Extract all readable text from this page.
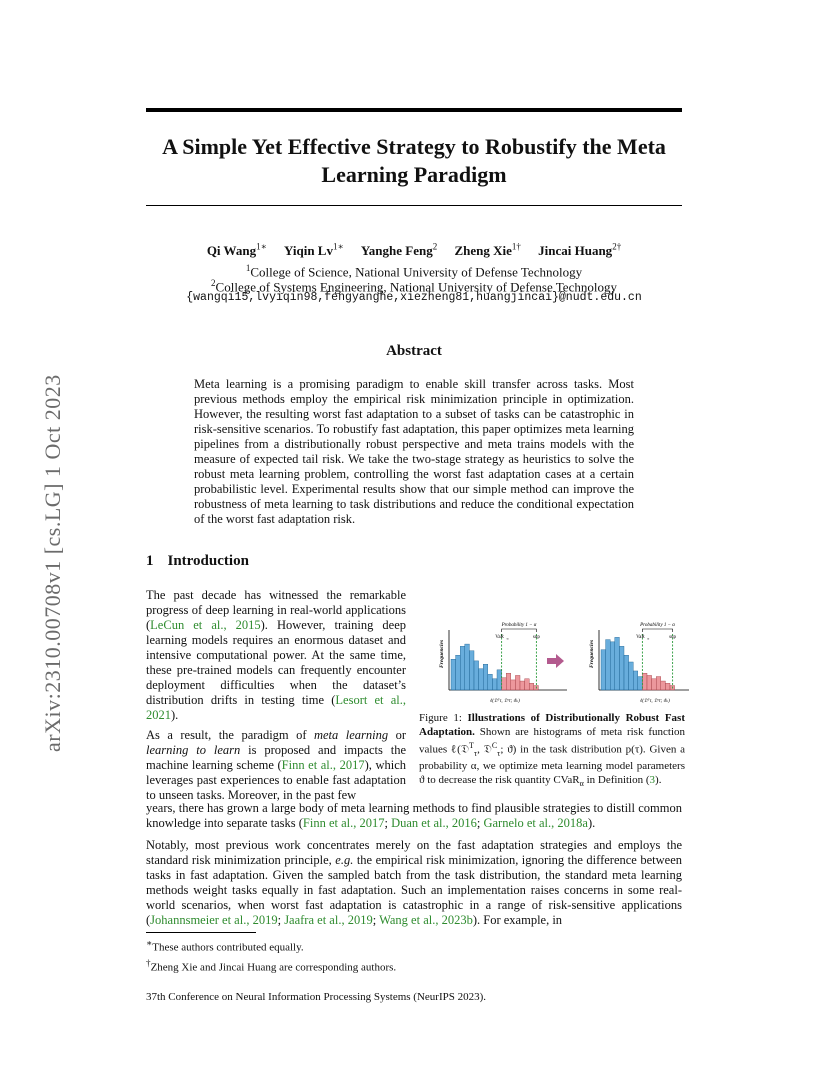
arXiv:2310.00708v1 [cs.LG] 1 Oct 2023
A Simple Yet Effective Strategy to Robustify the Meta
Learning Paradigm
Qi Wang$^{1∗}$ Yiqin $Lv^{1∗}$ Yanghe Feng$^2$ Zheng Xie$^{1\dagger}$ Jincai Huang$^{2\dagger}$
$^1$College of Science, National University of Defense Technology
$^2$College of Systems Engineering, National University of Defense Technology
{wangqi15,lvyiqin98,fengyanghe,xiezheng81,huangjincai}@nudt.edu.cn
Abstract
Meta learning is a promising paradigm to enable skill transfer across tasks. Most previous methods employ the empirical risk minimization principle in optimization. However, the resulting worst fast adaptation to a subset of tasks can be catastrophic in risk-sensitive scenarios. To robustify fast adaptation, this paper optimizes meta learning pipelines from a distributionally robust perspective and meta trains models with the measure of expected tail risk. We take the two-stage strategy as heuristics to solve the robust meta learning problem, controlling the worst fast adaptation cases at a certain probabilistic level. Experimental results show that our simple method can improve the robustness of meta learning to task distributions and reduce the conditional expectation of the worst fast adaptation risk.
1 Introduction
The past decade has witnessed the remarkable progress of deep learning in real-world applications (LeCun et al., 2015). However, training deep learning models requires an enormous dataset and intensive computational power. At the same time, these pre-trained models can frequently encounter deployment difficulties when the dataset’s distribution drifts in testing time (Lesort et al., 2021).
As a result, the paradigm of meta learning or learning to learn is proposed and impacts the machine learning scheme (Finn et al., 2017), which leverages past experiences to enable fast adaptation to unseen tasks. Moreover, in the past few
years, there has grown a large body of meta learning methods to find plausible strategies to distill common knowledge into separate tasks (Finn et al., 2017; Duan et al., 2016; Garnelo et al., 2018a).
Notably, most previous work concentrates merely on the fast adaptation strategies and employs the standard risk minimization principle, e.g. the empirical risk minimization, ignoring the difference between tasks in fast adaptation. Given the sampled batch from the task distribution, the standard meta learning methods weight tasks equally in fast adaptation. Such an implementation raises concerns in some real-world scenarios, when worst fast adaptation is catastrophic in a range of risk-sensitive applications (Johannsmeier et al., 2019; Jaafra et al., 2019; Wang et al., 2023b). For example, in
Frequencies
Probability 1 − α
VaR α	sup
ℓ(𝔇ᵀτ, 𝔇ᶜτ; ϑₖ)
Frequencies
Probability 1 − α
VaR α	sup
ℓ(𝔇ᵀτ, 𝔇ᶜτ; ϑₖ)
Figure 1: Illustrations of Distributionally Robust Fast Adaptation. Shown are histograms of meta risk function values ℓ(𝔇$^T_\tau$, 𝔇$^C_\tau$; ϑ) in the task distribution p(τ). Given a probability α, we optimize meta learning model parameters ϑ to decrease the risk quantity CVaR$_\alpha$ in Definition (3).
∗These authors contributed equally.
†Zheng Xie and Jincai Huang are corresponding authors.
37th Conference on Neural Information Processing Systems (NeurIPS 2023).
